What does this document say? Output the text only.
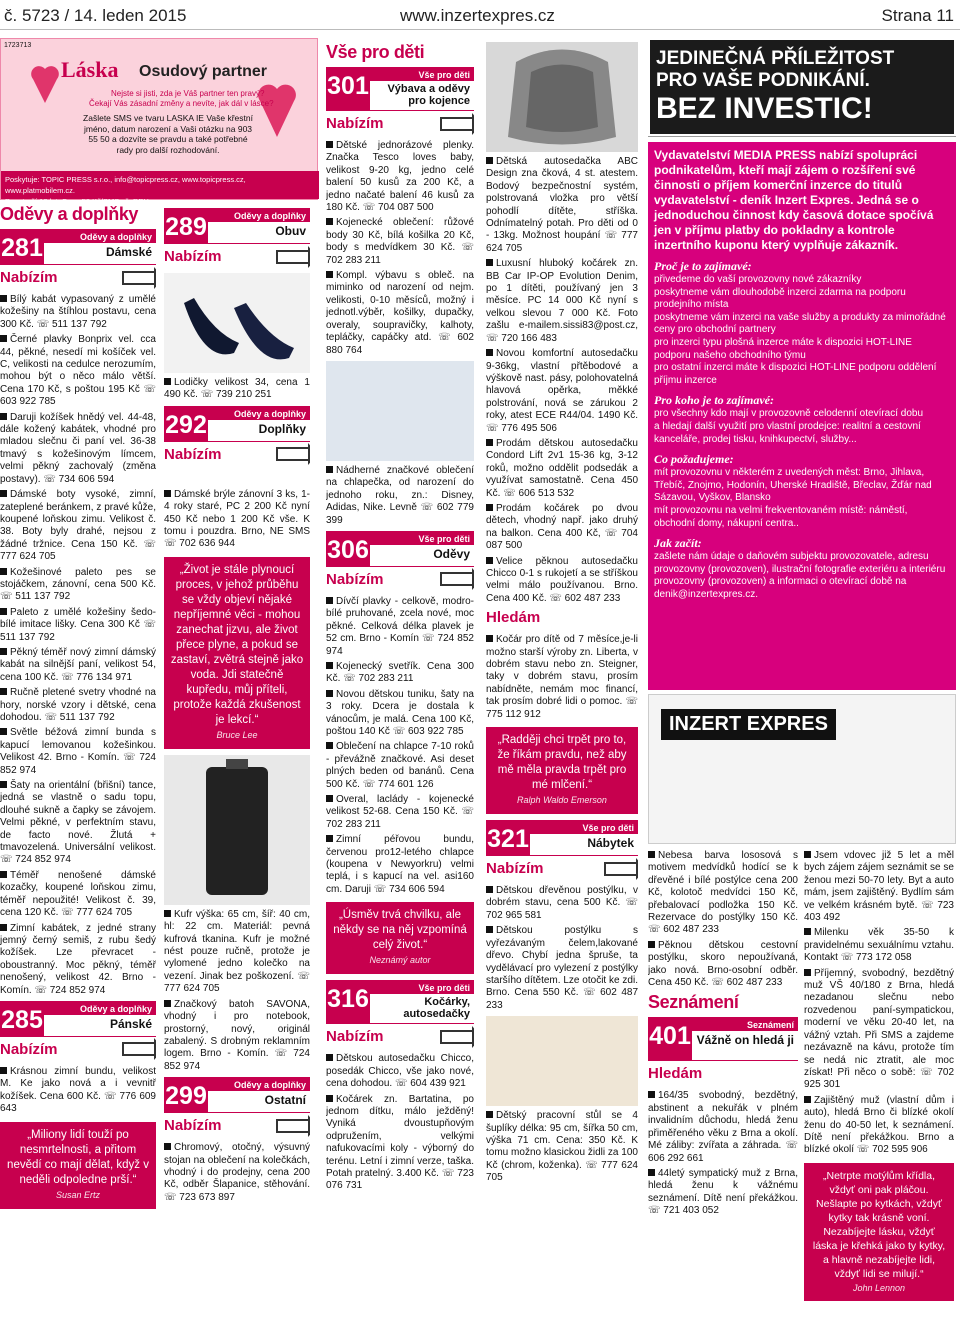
č. 5723 / 14. leden 2015	www.inzertexpres.cz	Strana 11
1723713
Láska Osudový partner
Nejste si jisti, zda je Váš partner ten pravý?
Čekají Vás zásadní změny a nevíte, jak dál v lásce?
Zašlete SMS ve tvaru LASKA IE Vaše křestní jméno, datum narození a Vaši otázku na 903 55 50 a dozvíte se pravdu a také potřebné rady pro další rozhodování.
Poskytuje: TOPIC PRESS s.r.o., info@topicpress.cz, www.topicpress.cz, www.platmobilem.cz.
Pro starší 18 let. Cena 50 Kč/SMS vč. DPH.
Oděvy a doplňky
281	Oděvy a doplňky
Dámské
Nabízím
Bílý kabát vypasovaný z umělé kožešiny na štíhlou postavu, cena 300 Kč. ☏ 511 137 792
Černé plavky Bonprix vel. cca 44, pěkné, nesedí mi košíček vel. C, velikosti na cedulce nerozumím, mohou být o něco málo větší. Cena 170 Kč, s poštou 195 Kč ☏ 603 922 785
Daruji kožíšek hnědý vel. 44-48, dále kožený kabátek, vhodné pro mladou slečnu či paní vel. 36-38 tmavý s kožešinovým límcem, velmi pěkný zachovalý (změna postavy). ☏ 734 606 594
Dámské boty vysoké, zimní, zateplené beránkem, z pravé kůže, koupené loňskou zimu. Velikost č. 38. Boty byly drahé, nejsou z žádné tržnice. Cena 150 Kč. ☏ 777 624 705
Kožešinové paleto pes se stojáčkem, zánovní, cena 500 Kč. ☏ 511 137 792
Paleto z umělé kožešiny šedo-bílé imitace lišky. Cena 300 Kč ☏ 511 137 792
Pěkný téměř nový zimní dámský kabát na silnější paní, velikost 54, cena 100 Kč. ☏ 776 134 971
Ručně pletené svetry vhodné na hory, norské vzory i dětské, cena dohodou. ☏ 511 137 792
Světle béžová zimní bunda s kapucí lemovanou kožešinkou. Velikost 42. Brno - Komín. ☏ 724 852 974
Šaty na orientální (břišní) tance, jedná se vlastně o sadu topu, dlouhé sukně a čapky se závojem. Velmi pěkné, v perfektním stavu, de facto nové. Žlutá + tmavozelená. Universální velikost. ☏ 724 852 974
Téměř nenošené dámské kozačky, koupené loňskou zimu, téměř nepoužité! Velikost č. 39, cena 120 Kč. ☏ 777 624 705
Zimní kabátek, z jedné strany jemný černý semiš, z rubu šedý kožíšek. Lze převracet - oboustranný. Moc pěkný, téměř nenošený, velikost 42. Brno - Komín. ☏ 724 852 974
285	Oděvy a doplňky
Pánské
Nabízím
Krásnou zimní bundu, velikost M. Ke jako nová a i vevnitř kožíšek. Cena 600 Kč. ☏ 776 609 643
„Miliony lidí touží po nesmrtelnosti, a přitom nevědí co mají dělat, když v neděli odpoledne prší.“
Susan Ertz
289	Oděvy a doplňky
Obuv
Nabízím
Lodičky velikost 34, cena 1 490 Kč. ☏ 739 210 251
292	Oděvy a doplňky
Doplňky
Nabízím
Dámské brýle zánovní 3 ks, 1-4 roky staré, PC 2 200 Kč nyní 450 Kč nebo 1 200 Kč vše. K tomu i pouzdra. Brno, NE SMS ☏ 702 636 944
„Život je stále plynoucí proces, v jehož průběhu se vždy objeví nějaké nepříjemné věci - mohou zanechat jizvu, ale život přece plyne, a pokud se zastaví, zvětrá stejně jako voda. Jdi statečně kupředu, můj příteli, protože každá zkušenost je lekcí.“
Bruce Lee
Kufr výška: 65 cm, šíř: 40 cm, hl: 22 cm. Materiál: pevná kufrová tkanina. Kufr je možné nést pouze ručně, protože je vylomené jedno kolečko na vezení. Jinak bez poškození. ☏ 777 624 705
Značkový batoh SAVONA, vhodný i pro notebook, prostorný, nový, originál zabalený. S drobným reklamním logem. Brno - Komín. ☏ 724 852 974
299	Oděvy a doplňky
Ostatní
Nabízím
Chromový, otočný, výsuvný stojan na oblečení na kolečkách, vhodný i do prodejny, cena 200 Kč, odběr Šlapanice, stěhování. ☏ 723 673 897
Vše pro děti
301	Vše pro děti
Výbava a oděvy pro kojence
Nabízím
Dětské jednorázové plenky. Značka Tesco loves baby, velikost 9-20 kg, jedno celé balení 50 kusů za 200 Kč, a jedno načaté balení 46 kusů za 180 Kč. ☏ 704 087 500
Kojenecké oblečení: růžové body 30 Kč, bílá košilka 20 Kč, body s medvídkem 30 Kč. ☏ 702 283 211
Kompl. výbavu s obleč. na miminko od narození od nejm. velikosti, 0-10 měsíců, možný i jednotl.výběr, košilky, dupačky, overaly, soupravičky, kalhoty, tepláčky, capáčky atd. ☏ 602 880 764
Nádherné značkové oblečení na chlapečka, od narození do jednoho roku, zn.: Disney, Adidas, Nike. Levně ☏ 602 779 399
306	Vše pro děti
Oděvy
Nabízím
Dívčí plavky - celkově, modro-bílé pruhované, zcela nové, moc pěkné. Celková délka plavek je 52 cm. Brno - Komín ☏ 724 852 974
Kojenecký svetřík. Cena 300 Kč. ☏ 702 283 211
Novou dětskou tuniku, šaty na 3 roky. Dcera je dostala k vánocům, je malá. Cena 100 Kč, poštou 140 Kč ☏ 603 922 785
Oblečení na chlapce 7-10 roků - převážně značkové. Asi deset plných beden od banánů. Cena 500 Kč. ☏ 774 601 126
Overal, laclády - kojenecké velikost 52-68. Cena 150 Kč. ☏ 702 283 211
Zimní péřovou bundu, červenou pro12-letého chlapce (koupena v Newyorkru) velmi teplá, i s kapucí na vel. asi160 cm. Daruji ☏ 734 606 594
„Úsměv trvá chvilku, ale někdy se na něj vzpomíná celý život.“
Neznámý autor
316	Vše pro děti
Kočárky, autosedačky
Nabízím
Dětskou autosedačku Chicco, posedák Chicco, vše jako nové, cena dohodou. ☏ 604 439 921
Kočárek zn. Bartatina, po jednom dítku, málo ježděný! Vyniká dvoustupňovým odpružením, velkými nafukovacími koly - výborný do terénu. Letní i zimní verze, taška. Potah pratelný. 3.400 Kč. ☏ 723 076 731
Dětská autosedačka ABC Design zna čková, 4 st. atestem. Bodový bezpečnostní systém, polstrovaná vložka pro větší pohodlí dítěte, stříška. Odnímatelný potah. Pro děti od 0 - 13kg. Možnost houpání ☏ 777 624 705
Luxusní hluboký kočárek zn. BB Car IP-OP Evolution Denim, po 1 dítěti, používaný jen 3 měsíce. PC 14 000 Kč nyní s velkou slevou 7 000 Kč. Foto zašlu e-mailem.sissi83@post.cz, ☏ 720 166 483
Novou komfortní autosedačku 9-36kg, vlastní přtěbodové a výškově nast. pásy, polohovatelná hlavová opěrka, měkké polstrování, nová se zárukou 2 roky, atest ECE R44/04. 1490 Kč. ☏ 776 495 506
Prodám dětskou autosedačku Condord Lift 2v1 15-36 kg, 3-12 roků, možno oddělit podsedák a využívat samostatně. Cena 450 Kč. ☏ 606 513 532
Prodám kočárek po dvou dětech, vhodný např. jako druhý na balkon. Cena 400 Kč, ☏ 704 087 500
Velice pěknou autosedačku Chicco 0-1 s rukojetí a se stříškou velmi málo používanou. Brno. Cena 400 Kč. ☏ 602 487 233
Hledám
Kočár pro dítě od 7 měsíce,je-li možno starší výroby zn. Liberta, v dobrém stavu nebo zn. Steigner, taky v dobrém stavu, prosím nabídněte, nemám moc financí, tak prosím dobré lidi o pomoc. ☏ 775 112 912
„Radději chci trpět pro to, že říkám pravdu, než aby mě měla pravda trpět pro mé mlčení.“
Ralph Waldo Emerson
321	Vše pro děti
Nábytek
Nabízím
Dětskou dřevěnou postýlku, v dobrém stavu, cena 500 Kč. ☏ 702 965 581
Dětskou postýlku s vyřezávaným čelem,lakované dřevo. Chybí jedna špruše, ta vydělávací pro vylezení z postýlky staršího dítětem. Lze otočit ke zdi. Brno. Cena 550 Kč. ☏ 602 487 233
Dětský pracovní stůl se 4 šuplíky délka: 95 cm, šířka 50 cm, výška 71 cm. Cena: 350 Kč. K tomu možno klasickou židli za 100 Kč (chrom, koženka). ☏ 777 624 705
JEDINEČNÁ PŘÍLEŽITOST
PRO VAŠE PODNIKÁNÍ.
BEZ INVESTIC!
Vydavatelství MEDIA PRESS nabízí spolupráci podnikatelům, kteří mají zájem o rozšíření své činnosti o příjem komerční inzerce do titulů vydavatelství - deník Inzert Expres. Jedná se o jednoduchou činnost kdy časová dotace spočívá jen v příjmu platby do pokladny a kontrole inzertního kuponu který vyplňuje zákazník.
Proč je to zajímavé:
přivedeme do vaší provozovny nové zákazníky
poskytneme vám dlouhodobě inzerci zdarma na podporu prodejního místa
poskytneme vám inzerci na vaše služby a produkty za mimořádné ceny pro obchodní partnery
pro inzerci typu plošná inzerce máte k dispozici HOT-LINE podporu našeho obchodního týmu
pro ostatní inzerci máte k dispozici HOT-LINE podporu oddělení příjmu inzerce
Pro koho je to zajímavé:
pro všechny kdo mají v provozovně celodenní otevírací dobu
a hledají další využití pro vlastní prodejce: realitní a cestovní kanceláře, prodej tisku, knihkupectví, služby...
Co požadujeme:
mít provozovnu v některém z uvedených měst: Brno, Jihlava, Třebíč, Znojmo, Hodonín, Uherské Hradiště, Břeclav, Žďár nad Sázavou, Vyškov, Blansko
mít provozovnu na velmi frekventovaném místě: náměstí, obchodní domy, nákupní centra..
Jak začít:
zašlete nám údaje o daňovém subjektu provozovatele, adresu provozovny (provozoven), ilustrační fotografie exteriéru a interiéru provozovny (provozoven) a informaci o otevírací době na denik@inzertexpres.cz.
INZERT EXPRES
Nebesa barva lososová s motivem medvídků hodící se k dřevěné i bílé postýlce cena 200 Kč, kolotoč medvídci 150 Kč, přebalovací podložka 150 Kč. Rezervace do postýlky 150 Kč. ☏ 602 487 233
Pěknou dětskou cestovní postýlku, skoro nepoužívaná, jako nová. Brno-osobní odběr. Cena 450 Kč. ☏ 602 487 233
Seznámení
401	Seznámení
Vážně on hledá ji
Hledám
164/35 svobodný, bezdětný, abstinent a nekuřák v plném invalidním důchodu, hledá ženu přiměřeného věku z Brna a okolí. Mé záliby: zvířata a záhrada. ☏ 606 292 661
44letý sympatický muž z Brna, hledá ženu k vážnému seznámení. Dítě není překážkou. ☏ 721 403 052
Jsem vdovec již 5 let a měl bych zájem zájem seznámit se se ženou mezi 50-70 lety. Byt a auto mám, jsem zajištěný. Bydlím sám ve velkém krásném bytě. ☏ 723 403 492
Milenku věk 35-50 k pravidelnému sexuálnímu vztahu. Kontakt ☏ 773 172 058
Příjemný, svobodný, bezdětný muž VŠ 40/180 z Brna, hledá nezadanou slečnu nebo rozvedenou paní-sympatickou, moderní ve věku 20-40 let, na vážný vztah. Při SMS a zajdeme nezávazně na kávu, protože tím se nedá nic ztratit, ale moc získat! Při něco o sobě: ☏ 702 925 301
Zajištěný muž (vlastní dům i auto), hledá Brno či blízké okolí ženu do 40-50 let, k seznámení. Dítě není překážkou. Brno a blízké okolí ☏ 702 595 906
„Netrpte motýlům křídla, vždyť oni pak pláčou. Nešlapte po kytkách, vždyť kytky tak krásně voní. Nezabíjejte lásku, vždyť láska je křehká jako ty kytky, a hlavně nezabíjejte lidi, vždyť lidi se milují.“
John Lennon
